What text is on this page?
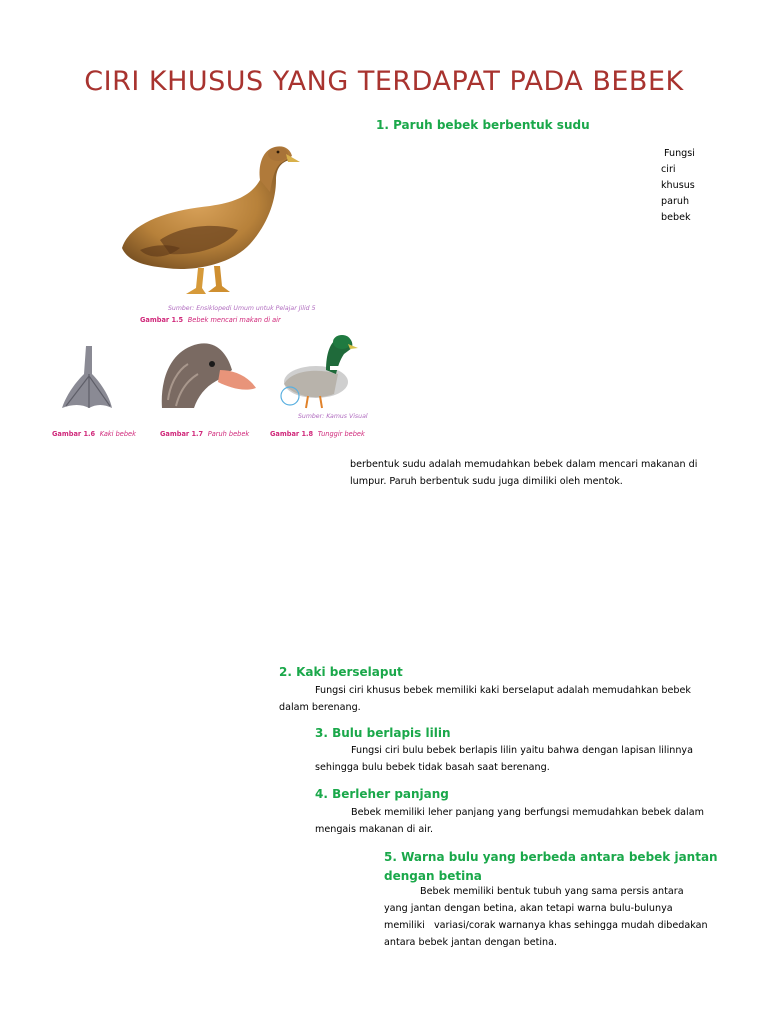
CIRI KHUSUS YANG TERDAPAT PADA BEBEK
1. Paruh bebek berbentuk sudu
Fungsi
ciri
khusus
paruh
bebek
Sumber: Ensiklopedi Umum untuk Pelajar Jilid 5
Gambar 1.5 Bebek mencari makan di air
Gambar 1.6 Kaki bebek	Gambar 1.7 Paruh bebek
Sumber: Kamus Visual
Gambar 1.8 Tunggir bebek
berbentuk sudu adalah memudahkan bebek dalam mencari makanan di
lumpur. Paruh berbentuk sudu juga dimiliki oleh mentok.
2. Kaki berselaput
Fungsi ciri khusus bebek memiliki kaki berselaput adalah memudahkan bebek
dalam berenang.
3. Bulu berlapis lilin
Fungsi ciri bulu bebek berlapis lilin yaitu bahwa dengan lapisan lilinnya
sehingga bulu bebek tidak basah saat berenang.
4. Berleher panjang
Bebek memiliki leher panjang yang berfungsi memudahkan bebek dalam
mengais makanan di air.
5. Warna bulu yang berbeda antara bebek jantan
dengan betina
Bebek memiliki bentuk tubuh yang sama persis antara
yang jantan dengan betina, akan tetapi warna bulu-bulunya
memiliki   variasi/corak warnanya khas sehingga mudah dibedakan
antara bebek jantan dengan betina.
